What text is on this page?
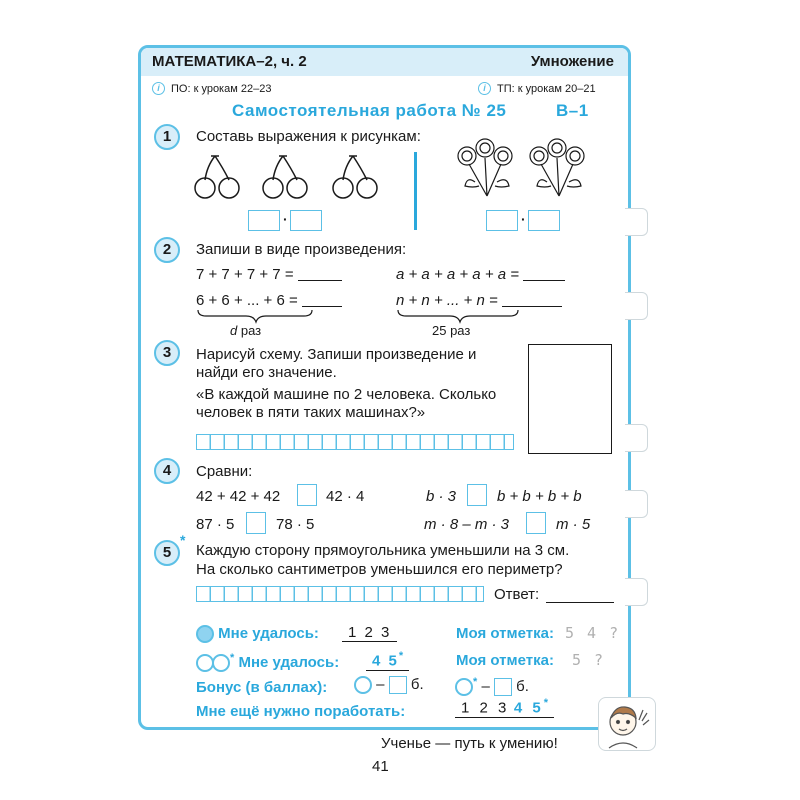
МАТЕМАТИКА–2, ч. 2	Умножение
i ПО: к урокам 22–23	i ТП: к урокам 20–21
Самостоятельная работа № 25	В–1
1	Составь выражения к рисункам:
·	·
2	Запиши в виде произведения:
7 + 7 + 7 + 7 =	a + a + a + a + a =
6 + 6 + ... + 6 =	n + n + ... + n =
d раз	25 раз
3	Нарисуй схему. Запиши произведение и
найди его значение.
«В каждой машине по 2 человека. Сколько
человек в пяти таких машинах?»
4	Сравни:
42 + 42 + 42	42 · 4	b · 3	b + b + b + b
87 · 5	78 · 5	m · 8 – m · 3	m · 5
5
*
Каждую сторону прямоугольника уменьшили на 3 см.
На сколько сантиметров уменьшился его периметр?
Ответ:
Мне удалось:	1 2 3	Моя отметка: 5 4 ?
* Мне удалось:	4 5*	Моя отметка: 5 ?
Бонус (в баллах):	– б.	* – б.
Мне ещё нужно поработать:	1 2 3 4 5*
Ученье — путь к умению!
41
